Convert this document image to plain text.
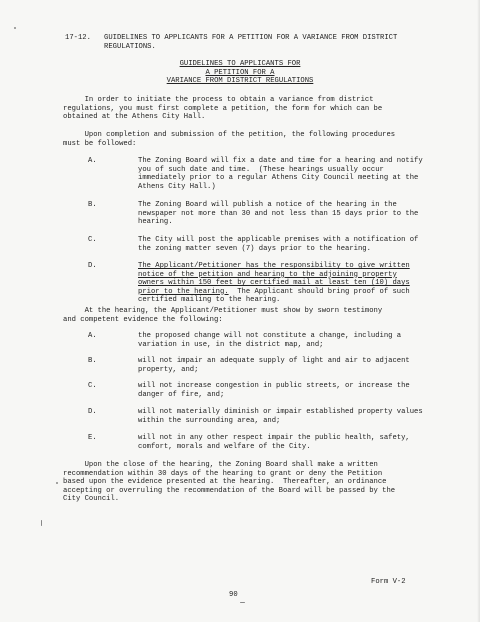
17-12. GUIDELINES TO APPLICANTS FOR A PETITION FOR A VARIANCE FROM DISTRICT
REGULATIONS.
GUIDELINES TO APPLICANTS FOR
A PETITION FOR A
VARIANCE FROM DISTRICT REGULATIONS
In order to initiate the process to obtain a variance from district
regulations, you must first complete a petition, the form for which can be
obtained at the Athens City Hall.
Upon completion and submission of the petition, the following procedures
must be followed:
A.	The Zoning Board will fix a date and time for a hearing and notify
you of such date and time.  (These hearings usually occur
immediately prior to a regular Athens City Council meeting at the
Athens City Hall.)
B.	The Zoning Board will publish a notice of the hearing in the
newspaper not more than 30 and not less than 15 days prior to the
hearing.
C.	The City will post the applicable premises with a notification of
the zoning matter seven (7) days prior to the hearing.
D.	The Applicant/Petitioner has the responsibility to give written
notice of the petition and hearing to the adjoining property
owners within 150 feet by certified mail at least ten (10) days
prior to the hearing.  The Applicant should bring proof of such
certified mailing to the hearing.
At the hearing, the Applicant/Petitioner must show by sworn testimony
and competent evidence the following:
A.	the proposed change will not constitute a change, including a
variation in use, in the district map, and;
B.	will not impair an adequate supply of light and air to adjacent
property, and;
C.	will not increase congestion in public streets, or increase the
danger of fire, and;
D.	will not materially diminish or impair established property values
within the surrounding area, and;
E.	will not in any other respect impair the public health, safety,
comfort, morals and welfare of the City.
Upon the close of the hearing, the Zoning Board shall make a written
recommendation within 30 days of the hearing to grant or deny the Petition
based upon the evidence presented at the hearing.  Thereafter, an ordinance
accepting or overruling the recommendation of the Board will be passed by the
City Council.
Form V-2
90
